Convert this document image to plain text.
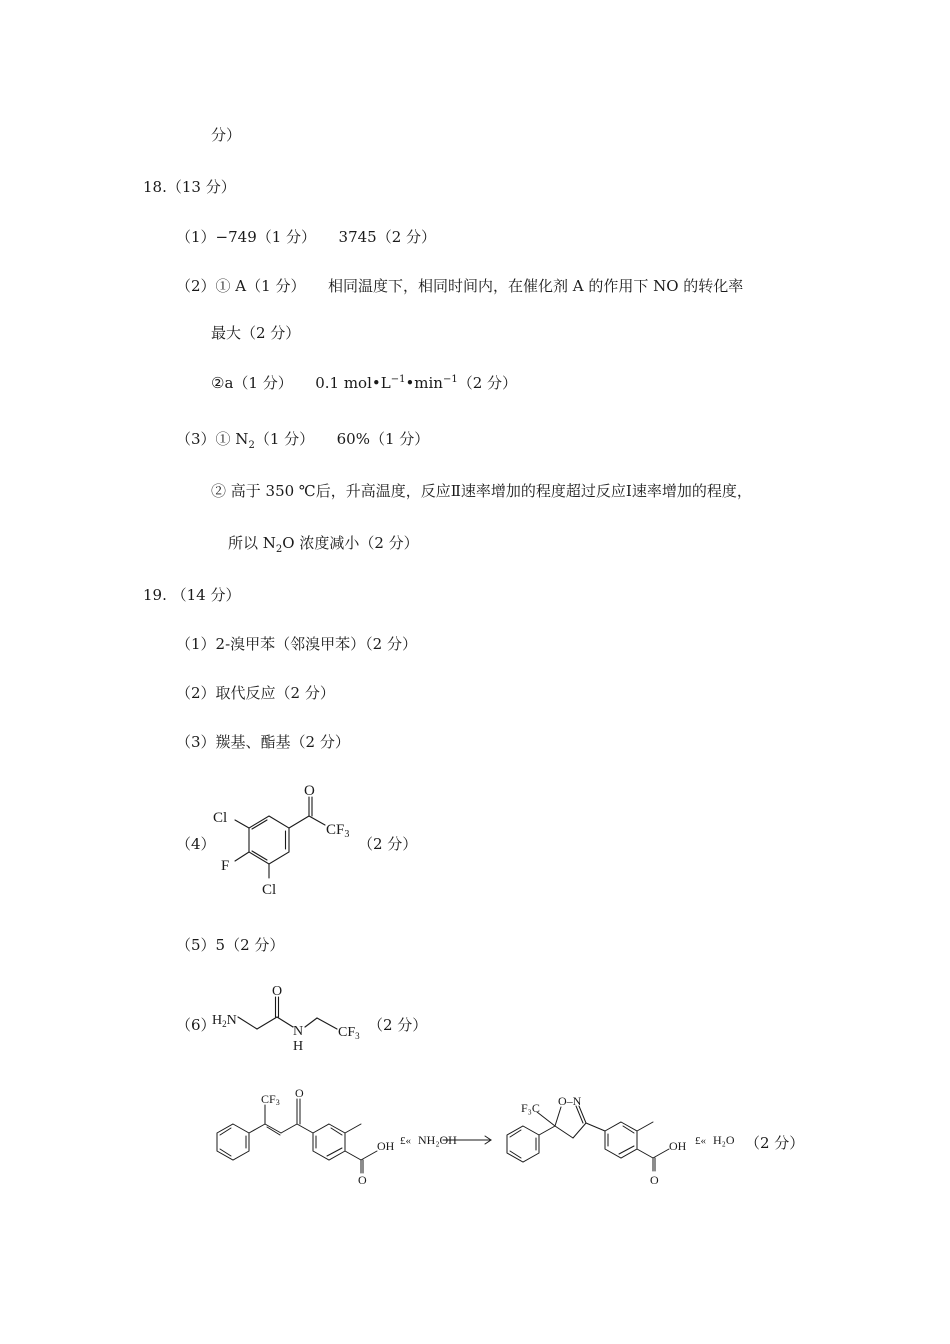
分）
18.（13 分）
（1）−749（1 分）　　3745（2 分）
（2）① A（1 分）　　相同温度下，相同时间内，在催化剂 A 的作用下 NO 的转化率
最大（2 分）
②a（1 分）　　0.1 $mol•L^{-1}•\min^{-1}(2$ 分）
（3）① $N_2(1$ 分）　　60%（1 分）
② 高于 350 ℃后，升高温度，反应Ⅱ速率增加的程度超过反应Ⅰ速率增加的程度，
所以 $N_2O$ 浓度减小（2 分）
19. （14 分）
（1）2-溴甲苯（邻溴甲苯）（2 分）
（2）取代反应（2 分）
（3）羰基、酯基（2 分）
（4）
Cl
F
Cl
O
$CF_3$
（2 分）
（5）5（2 分）
（6）
$H_2N$
O
N
H
$CF_3$
（2 分）
CF3
O
OH
O
£« NH₂OH
F₃C O–N
OH
O
£« H₂O （2 分）
